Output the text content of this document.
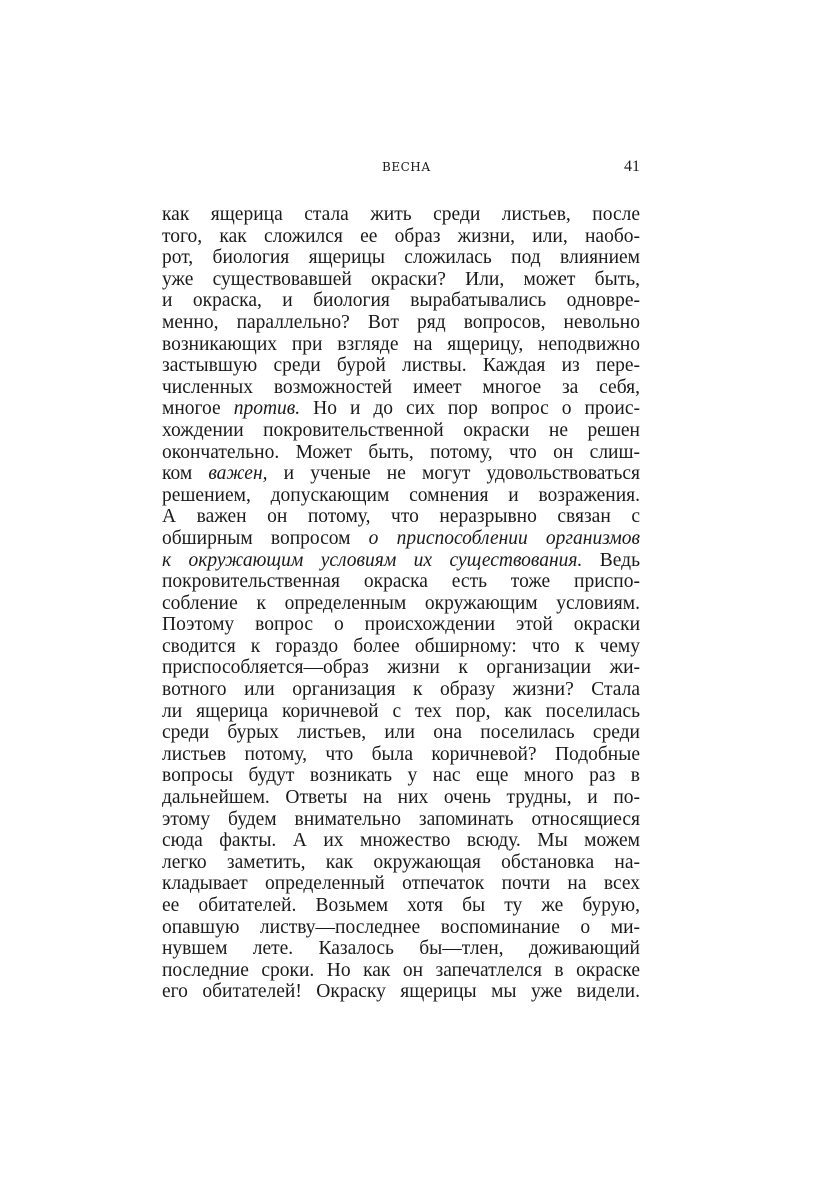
ВЕСНА	41
как ящерица стала жить среди листьев, после
того, как сложился ее образ жизни, или, наобо-
рот, биология ящерицы сложилась под влиянием
уже существовавшей окраски? Или, может быть,
и окраска, и биология вырабатывались одновре-
менно, параллельно? Вот ряд вопросов, невольно
возникающих при взгляде на ящерицу, неподвижно
застывшую среди бурой листвы. Каждая из пере-
численных возможностей имеет многое за себя,
многое против. Но и до сих пор вопрос о проис-
хождении покровительственной окраски не решен
окончательно. Может быть, потому, что он слиш-
ком важен, и ученые не могут удовольствоваться
решением, допускающим сомнения и возражения.
А важен он потому, что неразрывно связан с
обширным вопросом о приспособлении организмов
к окружающим условиям их существования. Ведь
покровительственная окраска есть тоже приспо-
собление к определенным окружающим условиям.
Поэтому вопрос о происхождении этой окраски
сводится к гораздо более обширному: что к чему
приспособляется—образ жизни к организации жи-
вотного или организация к образу жизни? Стала
ли ящерица коричневой с тех пор, как поселилась
среди бурых листьев, или она поселилась среди
листьев потому, что была коричневой? Подобные
вопросы будут возникать у нас еще много раз в
дальнейшем. Ответы на них очень трудны, и по-
этому будем внимательно запоминать относящиеся
сюда факты. А их множество всюду. Мы можем
легко заметить, как окружающая обстановка на-
кладывает определенный отпечаток почти на всех
ее обитателей. Возьмем хотя бы ту же бурую,
опавшую листву—последнее воспоминание о ми-
нувшем лете. Казалось бы—тлен, доживающий
последние сроки. Но как он запечатлелся в окраске
его обитателей! Окраску ящерицы мы уже видели.
